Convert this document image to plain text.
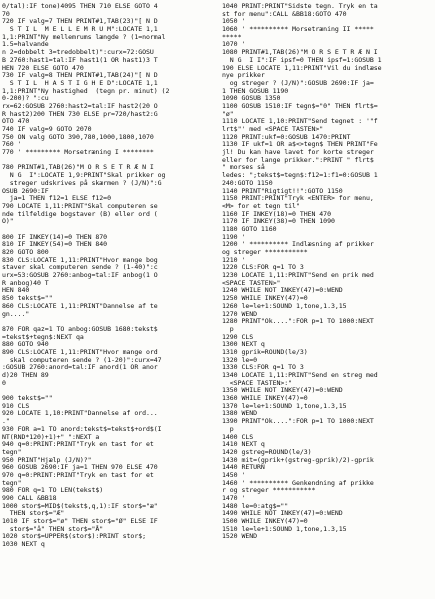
0/tal):IF tone)4095 THEN 710 ELSE GOTO 4
70
720 IF valg=7 THEN PRINT#1,TAB(23)"[ N D
S T I L  M E L L E M R U M":LOCATE 1,1
1,1:PRINT"Ny mellemrums længde ? (1=normal
1.5=halvande
n 2=dobbelt 3=tredobbelt)":curx=72:GOSU
B 2760:hast1=tal:IF hast1(1 OR hast1)3 T
HEN 720 ELSE GOTO 470
730 IF valg=8 THEN PRINT#1,TAB(24)"[ N D
S T I L  H A S T I G H E D":LOCATE 1,1
1,1:PRINT"Ny hastighed  (tegn pr. minut) (2
0-200)? ":cu
rx=62:GOSUB 2760:hast2=tal:IF hast2(20 O
R hast2)200 THEN 730 ELSE pr=720/hast2:G
OTO 470
740 IF valg=9 GOTO 2070
750 ON valg GOTO 390,780,1000,1800,1070
760 '
770 ' ********* Morsetræning I ********
780 PRINT#1,TAB(26)"M O R S E T R Æ N I
N G  I":LOCATE 1,9:PRINT"Skal prikker og
streger udskrives på skærmen ? (J/N)":G
OSUB 2690:IF
ja=1 THEN f12=1 ELSE f12=0
790 LOCATE 1,11:PRINT"Skal computeren se
nde tilfeldige bogstaver (B) eller ord (
O)"
800 IF INKEY(14)=0 THEN 870
810 IF INKEY(54)=0 THEN 840
820 GOTO 800
830 CLS:LOCATE 1,11:PRINT"Hvor mange bog
staver skal computeren sende ? (1-40)":c
urx=53:GOSUB 2760:anbog=tal:IF anbog(1 O
R anbog)40 T
HEN 840
850 tekst$=""
860 CLS:LOCATE 1,11:PRINT"Dannelse af te
gn...."
870 FOR qaz=1 TO anbog:GOSUB 1680:tekst$
=tekst$+tegn$:NEXT qa
880 GOTO 940
890 CLS:LOCATE 1,11:PRINT"Hvor mange ord
skal computeren sende ? (1-20)":curx=47
:GOSUB 2760:anord=tal:IF anord(1 OR anor
d)20 THEN 89
0
900 tekst$=""
910 CLS
920 LOCATE 1,10:PRINT"Dannelse af ord...
."
930 FOR a=1 TO anord:tekst$=tekst$+ord$(I
NT(RND*120)+1)+" ":NEXT a
940 q=0:PRINT:PRINT"Tryk en tast for et
tegn"
950 PRINT"Hjælp (J/N)?"
960 GOSUB 2690:IF ja=1 THEN 970 ELSE 470
970 q=0:PRINT:PRINT"Tryk en tast for et
tegn"
980 FOR q=1 TO LEN(tekst$)
990 CALL &BB18
1000 stor$=MID$(tekst$,q,1):IF stor$="æ"
THEN stor$="Æ"
1010 IF stor$="ø" THEN stor$="Ø" ELSE IF
stor$="å" THEN stor$="Å"
1020 stor$=UPPER$(stor$):PRINT stor$;
1030 NEXT q
1040 PRINT:PRINT"Sidste tegn. Tryk en ta
st for menu":CALL &BB18:GOTO 470
1050 '
1060 ' ********** Morsetræning II *****
*****
1070 '
1080 PRINT#1,TAB(26)"M O R S E T R Æ N I
N G  I I":IF ipsf=0 THEN ipsf=1:GOSUB 1
190 ELSE LOCATE 1,11:PRINT"Vil du indlæse
nye prikker
og streger ? (J/N)":GOSUB 2690:IF ja=
1 THEN GOSUB 1190
1090 GOSUB 1350
1100 GOSUB 1510:IF tegn$="0" THEN flrt$=
"ø"
1110 LOCATE 1,10:PRINT"Send tegnet : '"f
lrt$"' med <SPACE TASTEN>"
1120 PRINT:ukf=0:GOSUB 1470:PRINT
1130 IF ukf=1 OR a$<>tegn$ THEN PRINT"Fe
jl! Du kan have lavet for korte streger
eller for lange prikker.":PRINT " flrt$
" morses så
ledes: ";tekst$=tegn$:f12=1:f1=0:GOSUB 1
240:GOTO 1150
1140 PRINT"Rigtigt!!":GOTO 1150
1150 PRINT:PRINT"Tryk <ENTER> for menu,
<M> for et tegn til"
1160 IF INKEY(18)=0 THEN 470
1170 IF INKEY(38)=0 THEN 1090
1180 GOTO 1160
1190 '
1200 ' ********** Indlæsning af prikker
og streger ***********
1210 '
1220 CLS:FOR q=1 TO 3
1230 LOCATE 1,11:PRINT"Send en prik med
<SPACE TASTEN>"
1240 WHILE NOT INKEY(47)=0:WEND
1250 WHILE INKEY(47)=0
1260 le=le+1:SOUND 1,tone,1.3,15
1270 WEND
1280 PRINT"Ok....":FOR p=1 TO 1000:NEXT
p
1290 CLS
1300 NEXT q
1310 gprik=ROUND(le/3)
1320 le=0
1330 CLS:FOR q=1 TO 3
1340 LOCATE 1,11:PRINT"Send en streg med
<SPACE TASTEN>:"
1350 WHILE NOT INKEY(47)=0:WEND
1360 WHILE INKEY(47)=0
1370 le=le+1:SOUND 1,tone,1.3,15
1380 WEND
1390 PRINT"Ok....":FOR p=1 TO 1000:NEXT
p
1400 CLS
1410 NEXT q
1420 gstreg=ROUND(le/3)
1430 mit=(gprik+(gstreg-gprik)/2)-gprik
1440 RETURN
1450 '
1460 ' ********** Genkendning af prikke
r og streger ***********
1470 '
1480 le=0:atg$=""
1490 WHILE NOT INKEY(47)=0:WEND
1500 WHILE INKEY(47)=0
1510 le=le+1:SOUND 1,tone,1.3,15
1520 WEND
